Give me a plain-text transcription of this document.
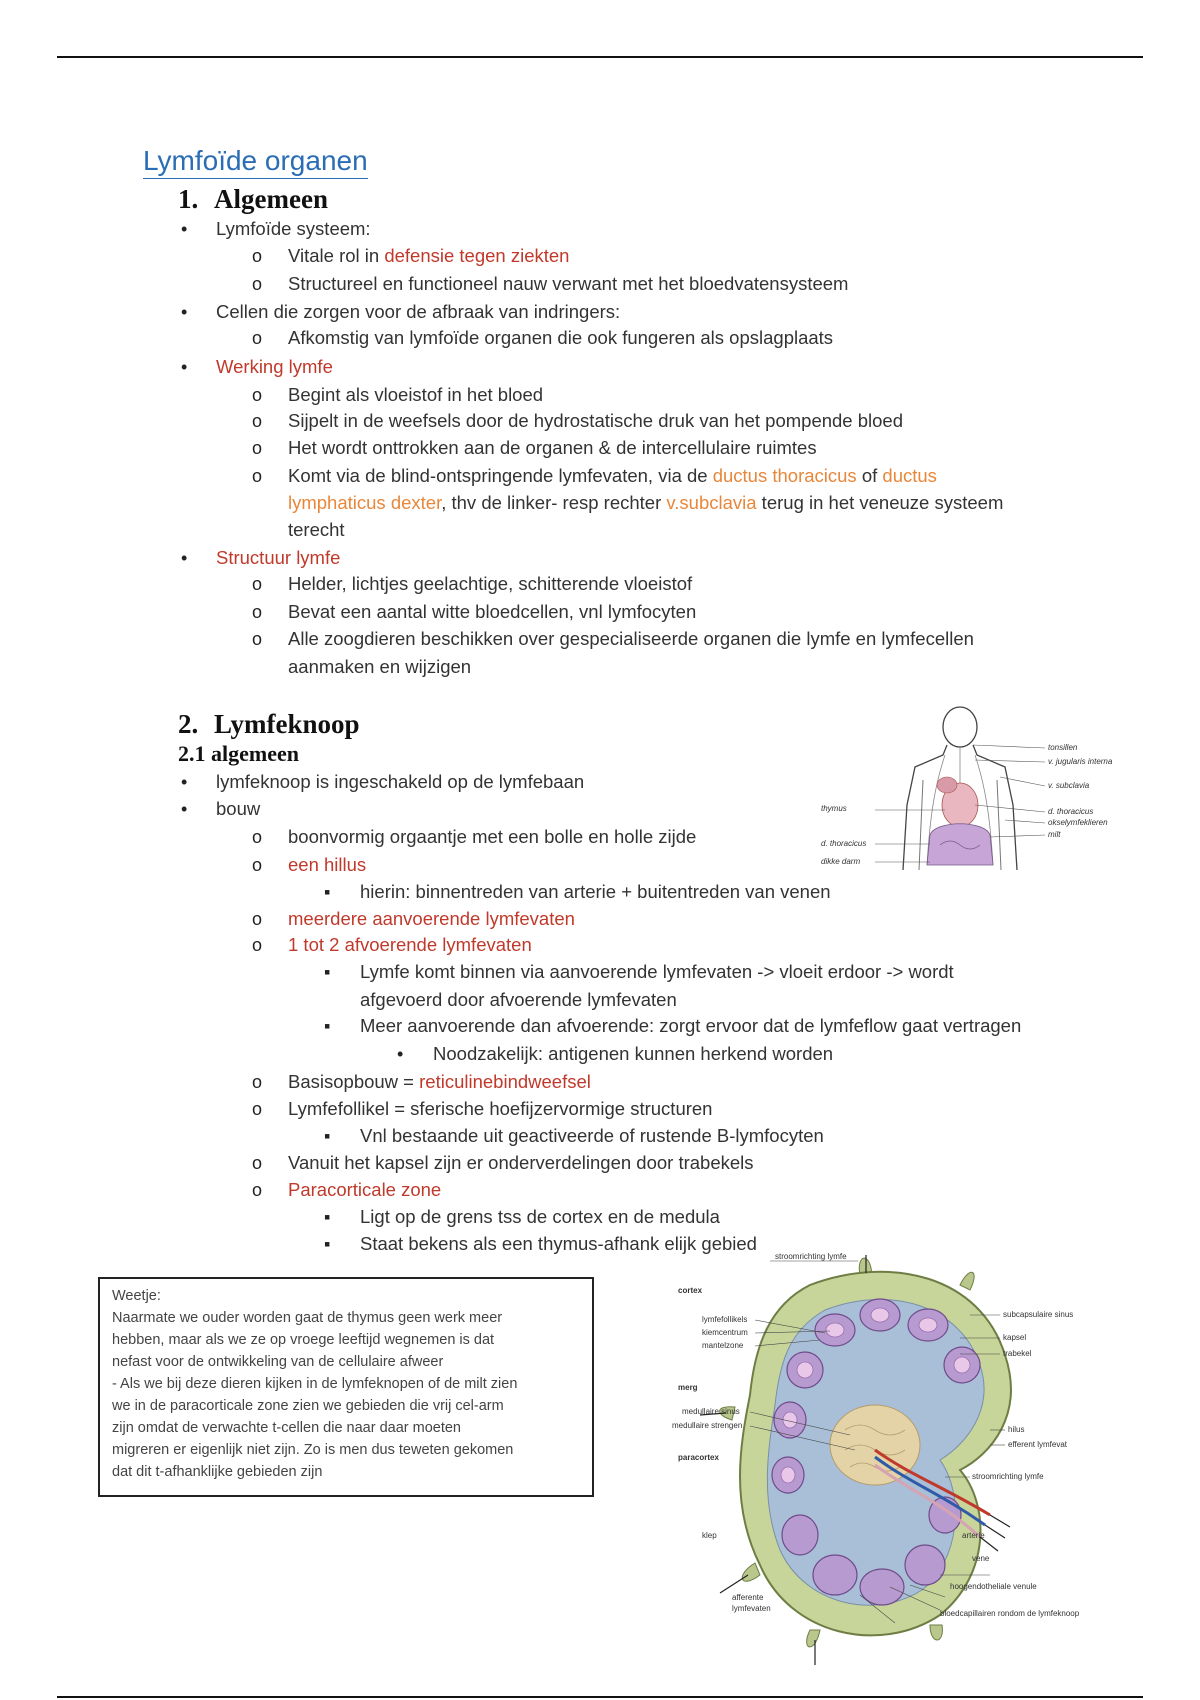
Lymfoïde organen
1. Algemeen
• Lymfoïde systeem:
o Vitale rol in defensie tegen ziekten
o Structureel en functioneel nauw verwant met het bloedvatensysteem
• Cellen die zorgen voor de afbraak van indringers:
o Afkomstig van lymfoïde organen die ook fungeren als opslagplaats
• Werking lymfe
o Begint als vloeistof in het bloed
o Sijpelt in de weefsels door de hydrostatische druk van het pompende bloed
o Het wordt onttrokken aan de organen & de intercellulaire ruimtes
o Komt via de blind-ontspringende lymfevaten, via de ductus thoracicus of ductus
lymphaticus dexter, thv de linker- resp rechter v.subclavia terug in het veneuze systeem
terecht
• Structuur lymfe
o Helder, lichtjes geelachtige, schitterende vloeistof
o Bevat een aantal witte bloedcellen, vnl lymfocyten
o Alle zoogdieren beschikken over gespecialiseerde organen die lymfe en lymfecellen
aanmaken en wijzigen
2. Lymfeknoop
2.1 algemeen
• lymfeknoop is ingeschakeld op de lymfebaan
• bouw
o boonvormig orgaantje met een bolle en holle zijde
o een hillus
▪ hierin: binnentreden van arterie + buitentreden van venen
o meerdere aanvoerende lymfevaten
o 1 tot 2 afvoerende lymfevaten
▪ Lymfe komt binnen via aanvoerende lymfevaten -> vloeit erdoor -> wordt
afgevoerd door afvoerende lymfevaten
▪ Meer aanvoerende dan afvoerende: zorgt ervoor dat de lymfeflow gaat vertragen
• Noodzakelijk: antigenen kunnen herkend worden
o Basisopbouw = reticulinebindweefsel
o Lymfefollikel = sferische hoefijzervormige structuren
▪ Vnl bestaande uit geactiveerde of rustende B-lymfocyten
o Vanuit het kapsel zijn er onderverdelingen door trabekels
o Paracorticale zone
▪ Ligt op de grens tss de cortex en de medula
▪ Staat bekens als een thymus-afhank elijk gebied
Weetje:
Naarmate we ouder worden gaat de thymus geen werk meer
hebben, maar als we ze op vroege leeftijd wegnemen is dat
nefast voor de ontwikkeling van de cellulaire afweer
- Als we bij deze dieren kijken in de lymfeknopen of de milt zien
we in de paracorticale zone zien we gebieden die vrij cel-arm
zijn omdat de verwachte t-cellen die naar daar moeten
migreren er eigenlijk niet zijn. Zo is men dus teweten gekomen
dat dit t-afhanklijke gebieden zijn
tonsillen
v. jugularis interna
v. subclavia
d. thoracicus
okselymfeklieren
milt
thymus
d. thoracicus
dikke darm
stroomrichting lymfe
cortex
subcapsulaire sinus
lymfefollikels
kiemcentrum
mantelzone
kapsel
trabekel
merg
medullaire sinus
medullaire strengen
paracortex
hilus
efferent lymfevat
stroomrichting lymfe
klep	arterie
vene
hoogendotheliale venule
afferente
lymfevaten
bloedcapillairen rondom de lymfeknoop
